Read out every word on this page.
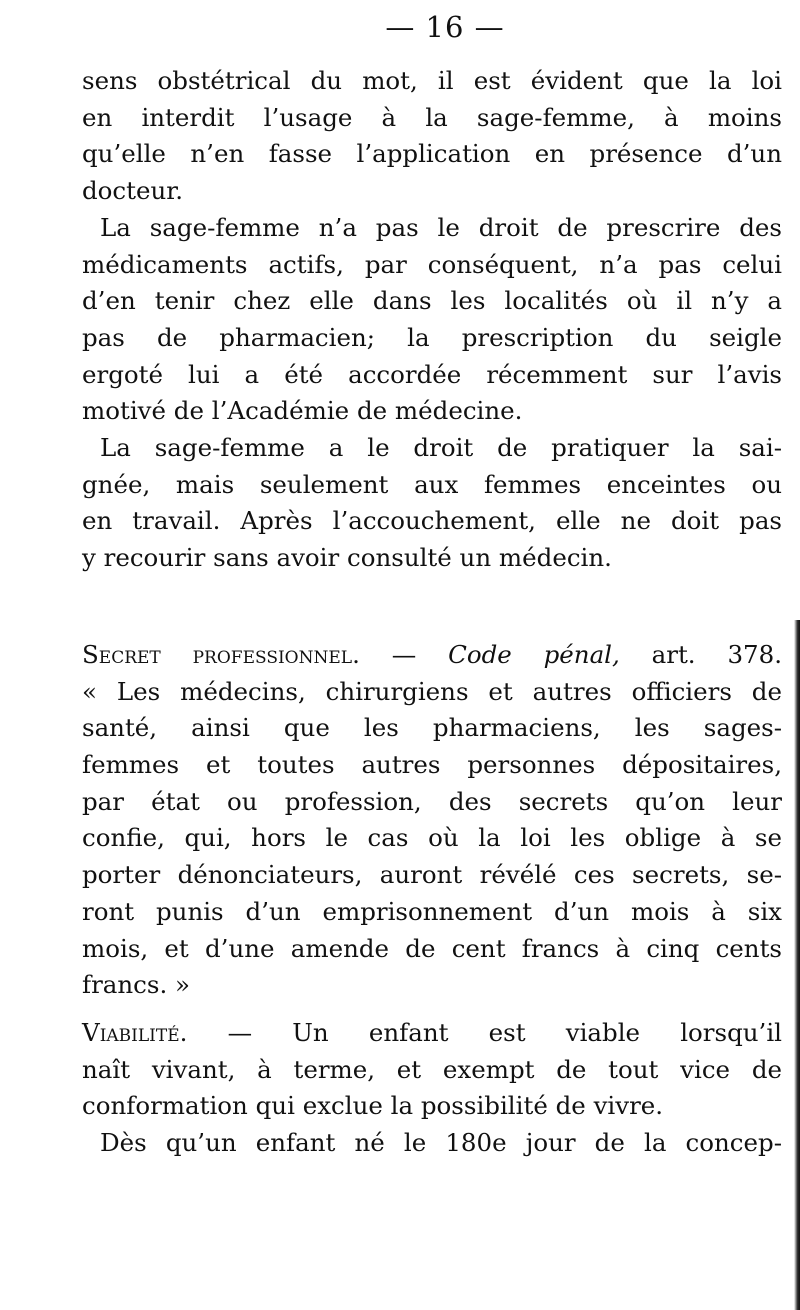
— 16 —
sens obstétrical du mot, il est évident que la loi
en interdit l’usage à la sage-femme, à moins
qu’elle n’en fasse l’application en présence d’un
docteur.
La sage-femme n’a pas le droit de prescrire des
médicaments actifs, par conséquent, n’a pas celui
d’en tenir chez elle dans les localités où il n’y a
pas de pharmacien; la prescription du seigle
ergoté lui a été accordée récemment sur l’avis
motivé de l’Académie de médecine.
La sage-femme a le droit de pratiquer la sai-
gnée, mais seulement aux femmes enceintes ou
en travail. Après l’accouchement, elle ne doit pas
y recourir sans avoir consulté un médecin.
Secret professionnel. — Code pénal, art. 378.
« Les médecins, chirurgiens et autres officiers de
santé, ainsi que les pharmaciens, les sages-
femmes et toutes autres personnes dépositaires,
par état ou profession, des secrets qu’on leur
confie, qui, hors le cas où la loi les oblige à se
porter dénonciateurs, auront révélé ces secrets, se-
ront punis d’un emprisonnement d’un mois à six
mois, et d’une amende de cent francs à cinq cents
francs. »
Viabilité. — Un enfant est viable lorsqu’il
naît vivant, à terme, et exempt de tout vice de
conformation qui exclue la possibilité de vivre.
Dès qu’un enfant né le 180e jour de la concep-
